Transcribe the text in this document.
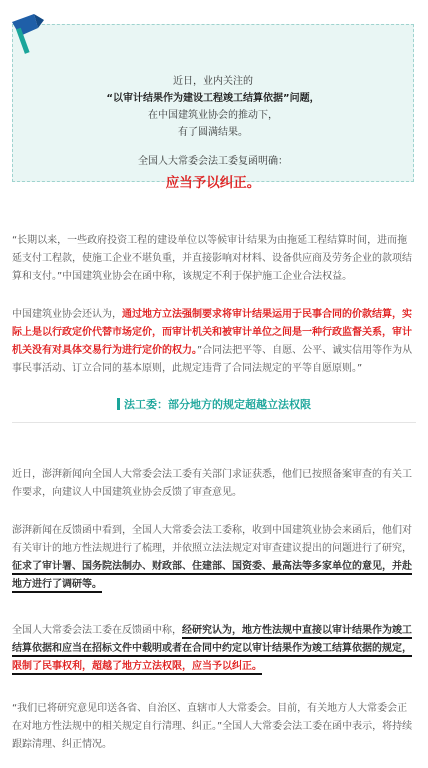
近日，业内关注的

“以审计结果作为建设工程竣工结算依据”问题，

在中国建筑业协会的推动下，

有了圆满结果。

全国人大常委会法工委复函明确：

应当予以纠正。

“长期以来，一些政府投资工程的建设单位以等候审计结果为由拖延工程结算时间，进而拖延支付工程款，使施工企业不堪负重，并直接影响对材料、设备供应商及劳务企业的款项结算和支付。”中国建筑业协会在函中称，该规定不利于保护施工企业合法权益。

中国建筑业协会还认为，通过地方立法强制要求将审计结果运用于民事合同的价款结算，实际上是以行政定价代替市场定价，而审计机关和被审计单位之间是一种行政监督关系，审计机关没有对具体交易行为进行定价的权力。”合同法把平等、自愿、公平、诚实信用等作为从事民事活动、订立合同的基本原则，此规定违背了合同法规定的平等自愿原则。”

法工委：部分地方的规定超越立法权限

近日，澎湃新闻向全国人大常委会法工委有关部门求证获悉，他们已按照备案审查的有关工作要求，向建议人中国建筑业协会反馈了审查意见。

澎湃新闻在反馈函中看到，全国人大常委会法工委称，收到中国建筑业协会来函后，他们对有关审计的地方性法规进行了梳理，并依照立法法规定对审查建议提出的问题进行了研究，征求了审计署、国务院法制办、财政部、住建部、国资委、最高法等多家单位的意见，并赴地方进行了调研等。

全国人大常委会法工委在反馈函中称，经研究认为，地方性法规中直接以审计结果作为竣工结算依据和应当在招标文件中载明或者在合同中约定以审计结果作为竣工结算依据的规定，限制了民事权利，超越了地方立法权限，应当予以纠正。

“我们已将研究意见印送各省、自治区、直辖市人大常委会。目前，有关地方人大常委会正在对地方性法规中的相关规定自行清理、纠正。”全国人大常委会法工委在函中表示，将持续跟踪清理、纠正情况。
